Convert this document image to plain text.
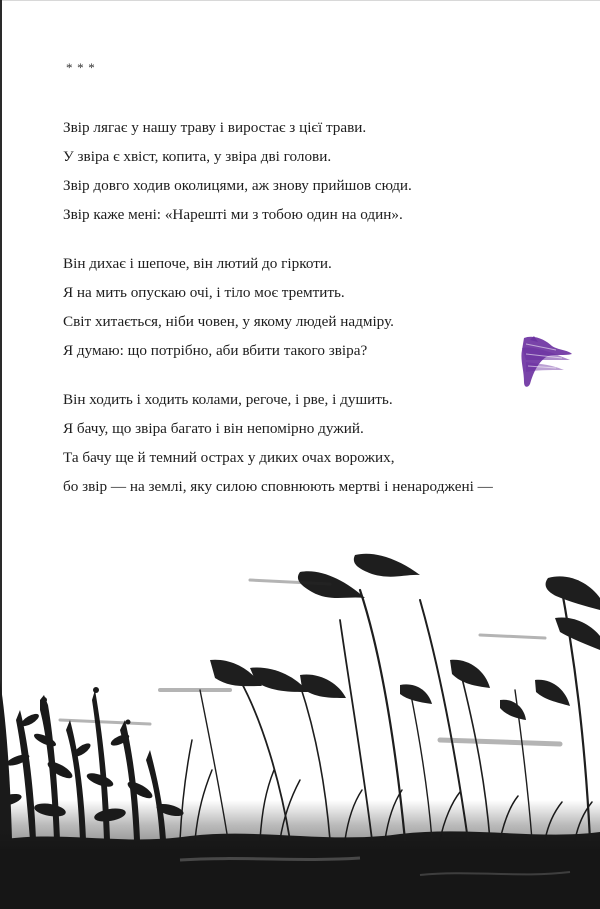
* * *
Звір лягає у нашу траву і виростає з цієї трави.
У звіра є хвіст, копита, у звіра дві голови.
Звір довго ходив околицями, аж знову прийшов сюди.
Звір каже мені: «Нарешті ми з тобою один на один».
Він дихає і шепоче, він лютий до гіркоти.
Я на мить опускаю очі, і тіло моє тремтить.
Світ хитається, ніби човен, у якому людей надміру.
Я думаю: що потрібно, аби вбити такого звіра?
Він ходить і ходить колами, регоче, і рве, і душить.
Я бачу, що звіра багато і він непомірно дужий.
Та бачу ще й темний острах у диких очах ворожих,
бо звір — на землі, яку силою сповнюють мертві і ненароджені —
